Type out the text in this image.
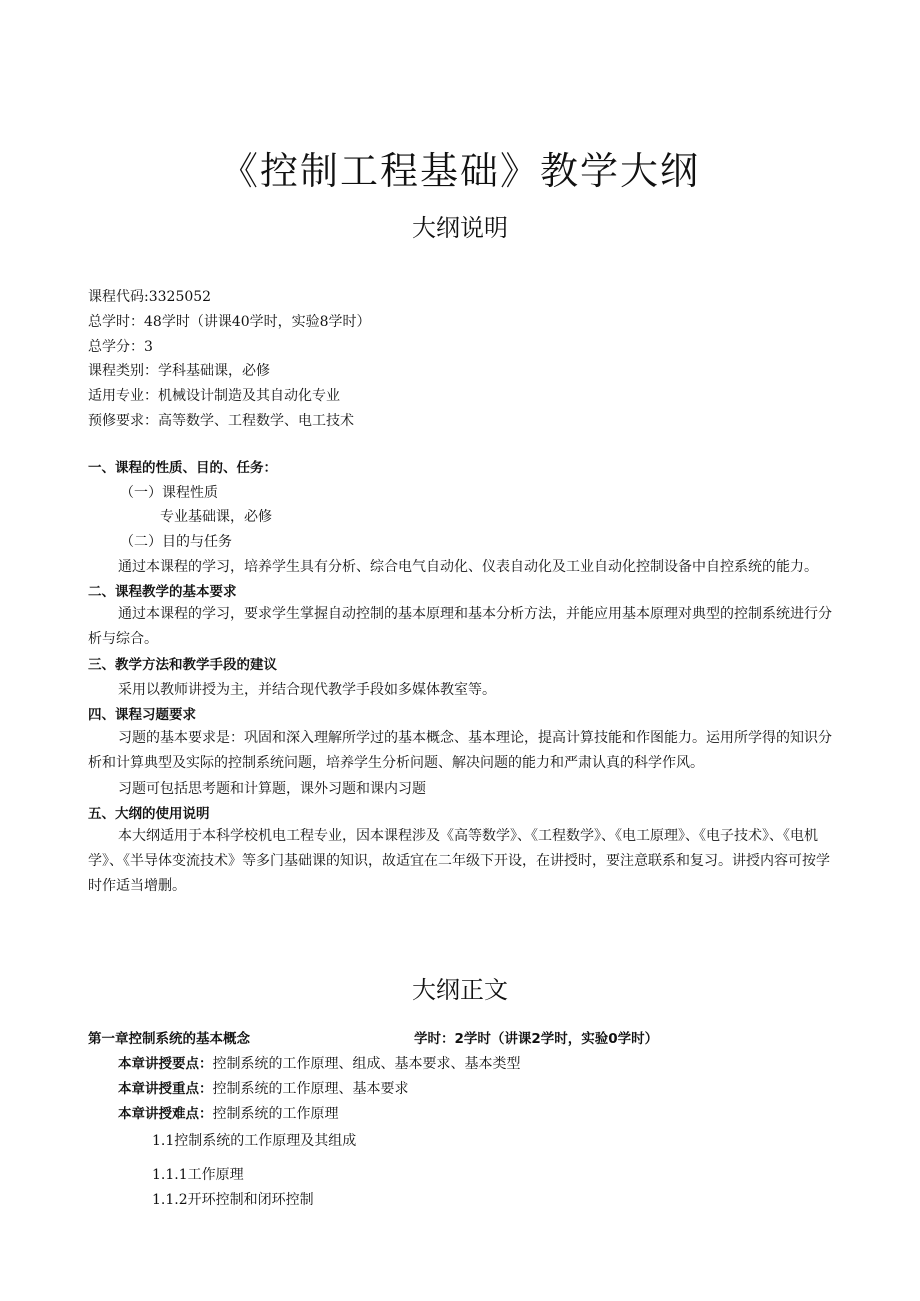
《控制工程基础》教学大纲
大纲说明
课程代码:3325052
总学时：48学时（讲课40学时，实验8学时）
总学分：3
课程类别：学科基础课，必修
适用专业：机械设计制造及其自动化专业
预修要求：高等数学、工程数学、电工技术
一、课程的性质、目的、任务：
（一）课程性质
专业基础课，必修
（二）目的与任务
通过本课程的学习，培养学生具有分析、综合电气自动化、仪表自动化及工业自动化控制设备中自控系统的能力。
二、课程教学的基本要求
通过本课程的学习，要求学生掌握自动控制的基本原理和基本分析方法，并能应用基本原理对典型的控制系统进行分析与综合。
三、教学方法和教学手段的建议
采用以教师讲授为主，并结合现代教学手段如多媒体教室等。
四、课程习题要求
习题的基本要求是：巩固和深入理解所学过的基本概念、基本理论，提高计算技能和作图能力。运用所学得的知识分析和计算典型及实际的控制系统问题，培养学生分析问题、解决问题的能力和严肃认真的科学作风。
习题可包括思考题和计算题，课外习题和课内习题
五、大纲的使用说明
本大纲适用于本科学校机电工程专业，因本课程涉及《高等数学》、《工程数学》、《电工原理》、《电子技术》、《电机学》、《半导体变流技术》等多门基础课的知识，故适宜在二年级下开设，在讲授时，要注意联系和复习。讲授内容可按学时作适当增删。
大纲正文
第一章控制系统的基本概念	学时：2学时（讲课2学时，实验0学时）
本章讲授要点：控制系统的工作原理、组成、基本要求、基本类型
本章讲授重点：控制系统的工作原理、基本要求
本章讲授难点：控制系统的工作原理
1.1控制系统的工作原理及其组成
1.1.1工作原理
1.1.2开环控制和闭环控制
